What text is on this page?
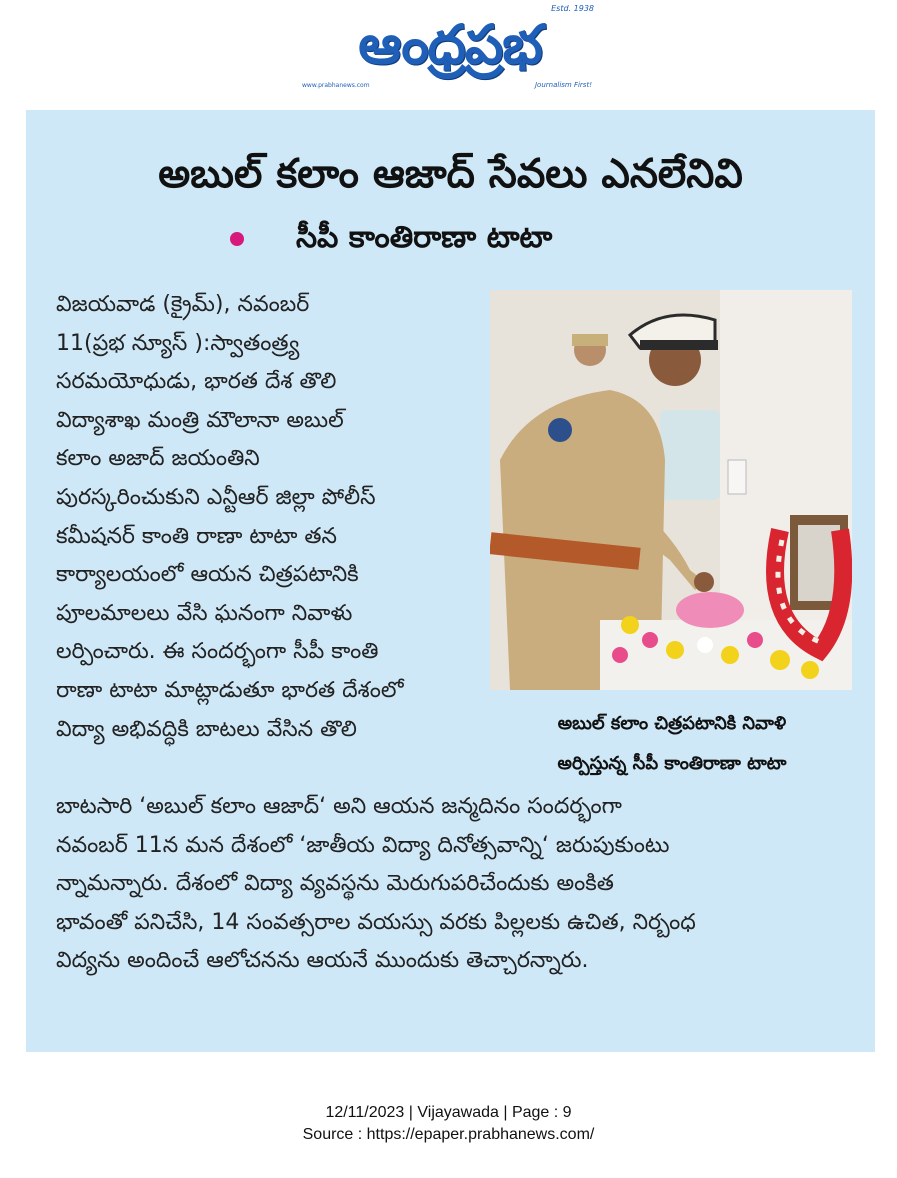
ఆంధ్రప్రభ
Estd. 1938
www.prabhanews.com	Journalism First!
అబుల్ కలాం ఆజాద్ సేవలు ఎనలేనివి
సీపీ కాంతిరాణా టాటా

విజయవాడ (క్రైమ్), నవంబర్

11(ప్రభ న్యూస్ ):స్వాతంత్ర్య

సరమయోధుడు, భారత దేశ తొలి

విద్యాశాఖ మంత్రి మౌలానా అబుల్

కలాం అజాద్ జయంతిని

పురస్కరించుకుని ఎన్టీఆర్ జిల్లా పోలీస్

కమీషనర్ కాంతి రాణా టాటా తన

కార్యాలయంలో ఆయన చిత్రపటానికి

పూలమాలలు వేసి ఘనంగా నివాళు

లర్పించారు. ఈ సందర్భంగా సీపీ కాంతి

రాణా టాటా మాట్లాడుతూ భారత దేశంలో

విద్యా అభివద్ధికి బాటలు వేసిన తొలి	అబుల్ కలాం చిత్రపటానికి నివాళి
అర్పిస్తున్న సీపీ కాంతిరాణా టాటా

బాటసారి ‘అబుల్ కలాం ఆజాద్‘ అని ఆయన జన్మదినం సందర్భంగా

నవంబర్ 11న మన దేశంలో ‘జాతీయ విద్యా దినోత్సవాన్ని‘ జరుపుకుంటు

న్నామన్నారు. దేశంలో విద్యా వ్యవస్థను మెరుగుపరిచేందుకు అంకిత

భావంతో పనిచేసి, 14 సంవత్సరాల వయస్సు వరకు పిల్లలకు ఉచిత, నిర్బంధ

విద్యను అందించే ఆలోచనను ఆయనే ముందుకు తెచ్చారన్నారు.

12/11/2023 | Vijayawada | Page : 9
Source : https://epaper.prabhanews.com/
